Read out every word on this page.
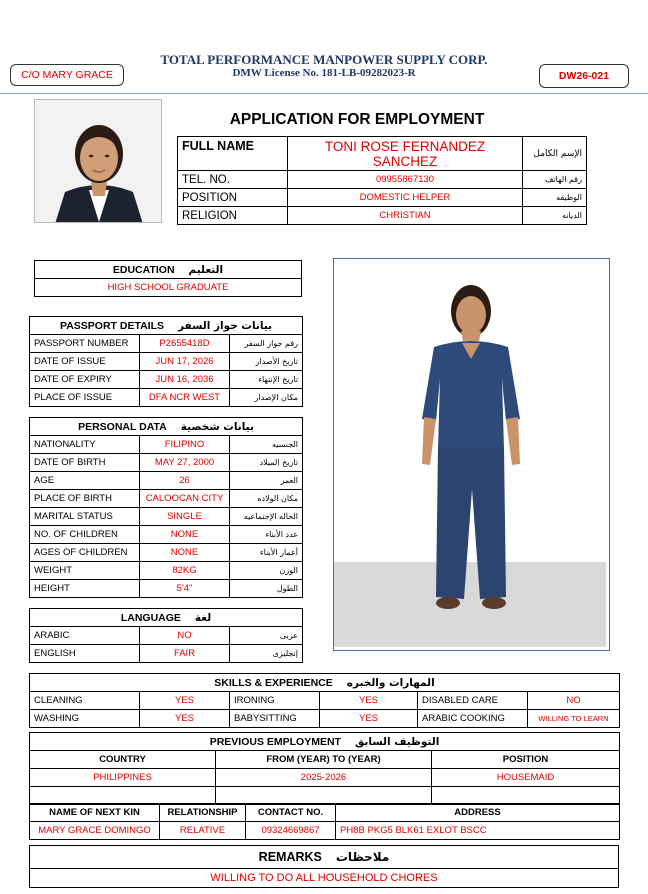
TOTAL PERFORMANCE MANPOWER SUPPLY CORP.
DMW License No. 181-LB-09282023-R
C/O MARY GRACE	DW26-021
APPLICATION FOR EMPLOYMENT
FULL NAME	TONI ROSE FERNANDEZ SANCHEZ	الإسم الكامل
TEL. NO.	09955867130	رقم الهاتف
POSITION	DOMESTIC HELPER	الوظيفه
RELIGION	CHRISTIAN	الديانه
EDUCATION التعليم
HIGH SCHOOL GRADUATE
PASSPORT DETAILS بيانات جواز السفر		
PASSPORT NUMBER	P2655418D	رقم جواز السفر
DATE OF ISSUE	JUN 17, 2026	تاريخ الأصدار
DATE OF EXPIRY	JUN 16, 2036	تاريخ الإنتهاء
PLACE OF ISSUE	DFA NCR WEST	مكان الإصدار
PERSONAL DATA بيانات شخصية		
NATIONALITY	FILIPINO	الجنسيه
DATE OF BIRTH	MAY 27, 2000	تاريخ الميلاد
AGE	26	العمر
PLACE OF BIRTH	CALOOCAN CITY	مكان الولاده
MARITAL STATUS	SINGLE	الحاله الإجتماعيه
NO. OF CHILDREN	NONE	عدد الأبناء
AGES OF CHILDREN	NONE	أعمار الأبناء
WEIGHT	82KG	الوزن
HEIGHT	5'4"	الطول
LANGUAGE لغة		
ARABIC	NO	عربى
ENGLISH	FAIR	إنجليزى
SKILLS & EXPERIENCE المهارات والخبره					
CLEANING	YES	IRONING	YES	DISABLED CARE	NO
WASHING	YES	BABYSITTING	YES	ARABIC COOKING	WILLING TO LEARN
PREVIOUS EMPLOYMENT التوظيف السابق		
COUNTRY	FROM (YEAR) TO (YEAR)	POSITION
PHILIPPINES	2025-2026	HOUSEMAID

NAME OF NEXT KIN	RELATIONSHIP	CONTACT NO.	ADDRESS
MARY GRACE DOMINGO	RELATIVE	09324669867	PH8B PKG5 BLK61 EXLOT BSCC
REMARKS ملاحظات
WILLING TO DO ALL HOUSEHOLD CHORES
